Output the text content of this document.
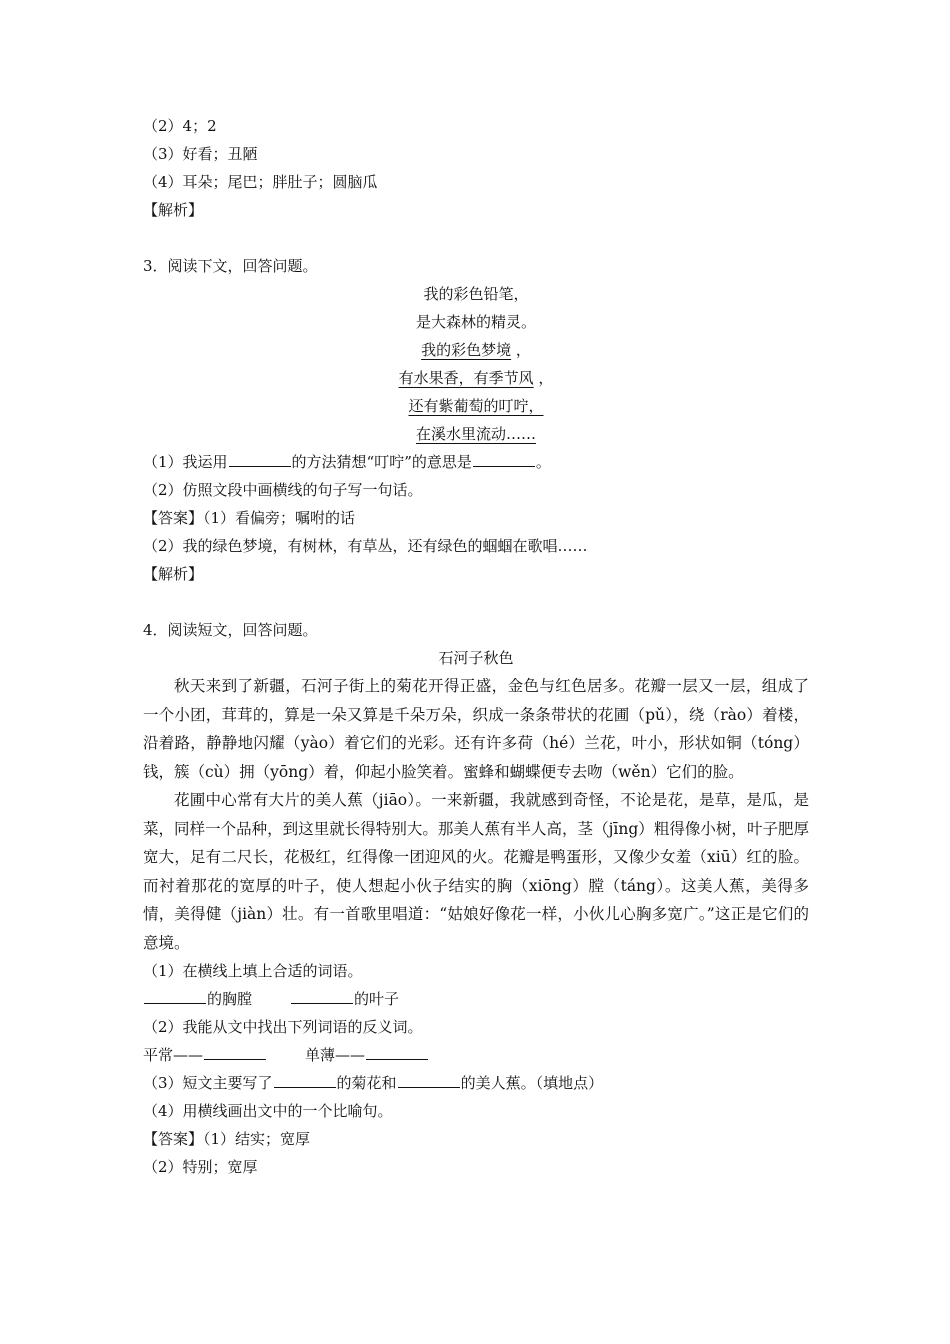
（2）4；2
（3）好看；丑陋
（4）耳朵；尾巴；胖肚子；圆脑瓜
【解析】
3．阅读下文，回答问题。
我的彩色铅笔，
是大森林的精灵。
我的彩色梦境 ，
有水果香，有季节风 ，
还有紫葡萄的叮咛，
在溪水里流动……
（1）我运用	的方法猜想“叮咛”的意思是	。
（2）仿照文段中画横线的句子写一句话。
【答案】（1）看偏旁；嘱咐的话
（2）我的绿色梦境，有树林，有草丛，还有绿色的蝈蝈在歌唱……
【解析】
4．阅读短文，回答问题。
石河子秋色
秋天来到了新疆，石河子街上的菊花开得正盛，金色与红色居多。花瓣一层又一层，组成了一个小团，茸茸的，算是一朵又算是千朵万朵，织成一条条带状的花圃（pǔ），绕（rào）着楼，沿着路，静静地闪耀（yào）着它们的光彩。还有许多荷（hé）兰花，叶小，形状如铜（tóng）钱，簇（cù）拥（yōng）着，仰起小脸笑着。蜜蜂和蝴蝶便专去吻（wěn）它们的脸。
花圃中心常有大片的美人蕉（jiāo）。一来新疆，我就感到奇怪，不论是花，是草，是瓜，是菜，同样一个品种，到这里就长得特别大。那美人蕉有半人高，茎（jīng）粗得像小树，叶子肥厚宽大，足有二尺长，花极红，红得像一团迎风的火。花瓣是鸭蛋形，又像少女羞（xiū）红的脸。而衬着那花的宽厚的叶子，使人想起小伙子结实的胸（xiōng）膛（táng）。这美人蕉，美得多情，美得健（jiàn）壮。有一首歌里唱道：“姑娘好像花一样，小伙儿心胸多宽广。”这正是它们的意境。
（1）在横线上填上合适的词语。
的胸膛	的叶子
（2）我能从文中找出下列词语的反义词。
平常——	单薄——
（3）短文主要写了	的菊花和	的美人蕉。（填地点）
（4）用横线画出文中的一个比喻句。
【答案】（1）结实；宽厚
（2）特别；宽厚
